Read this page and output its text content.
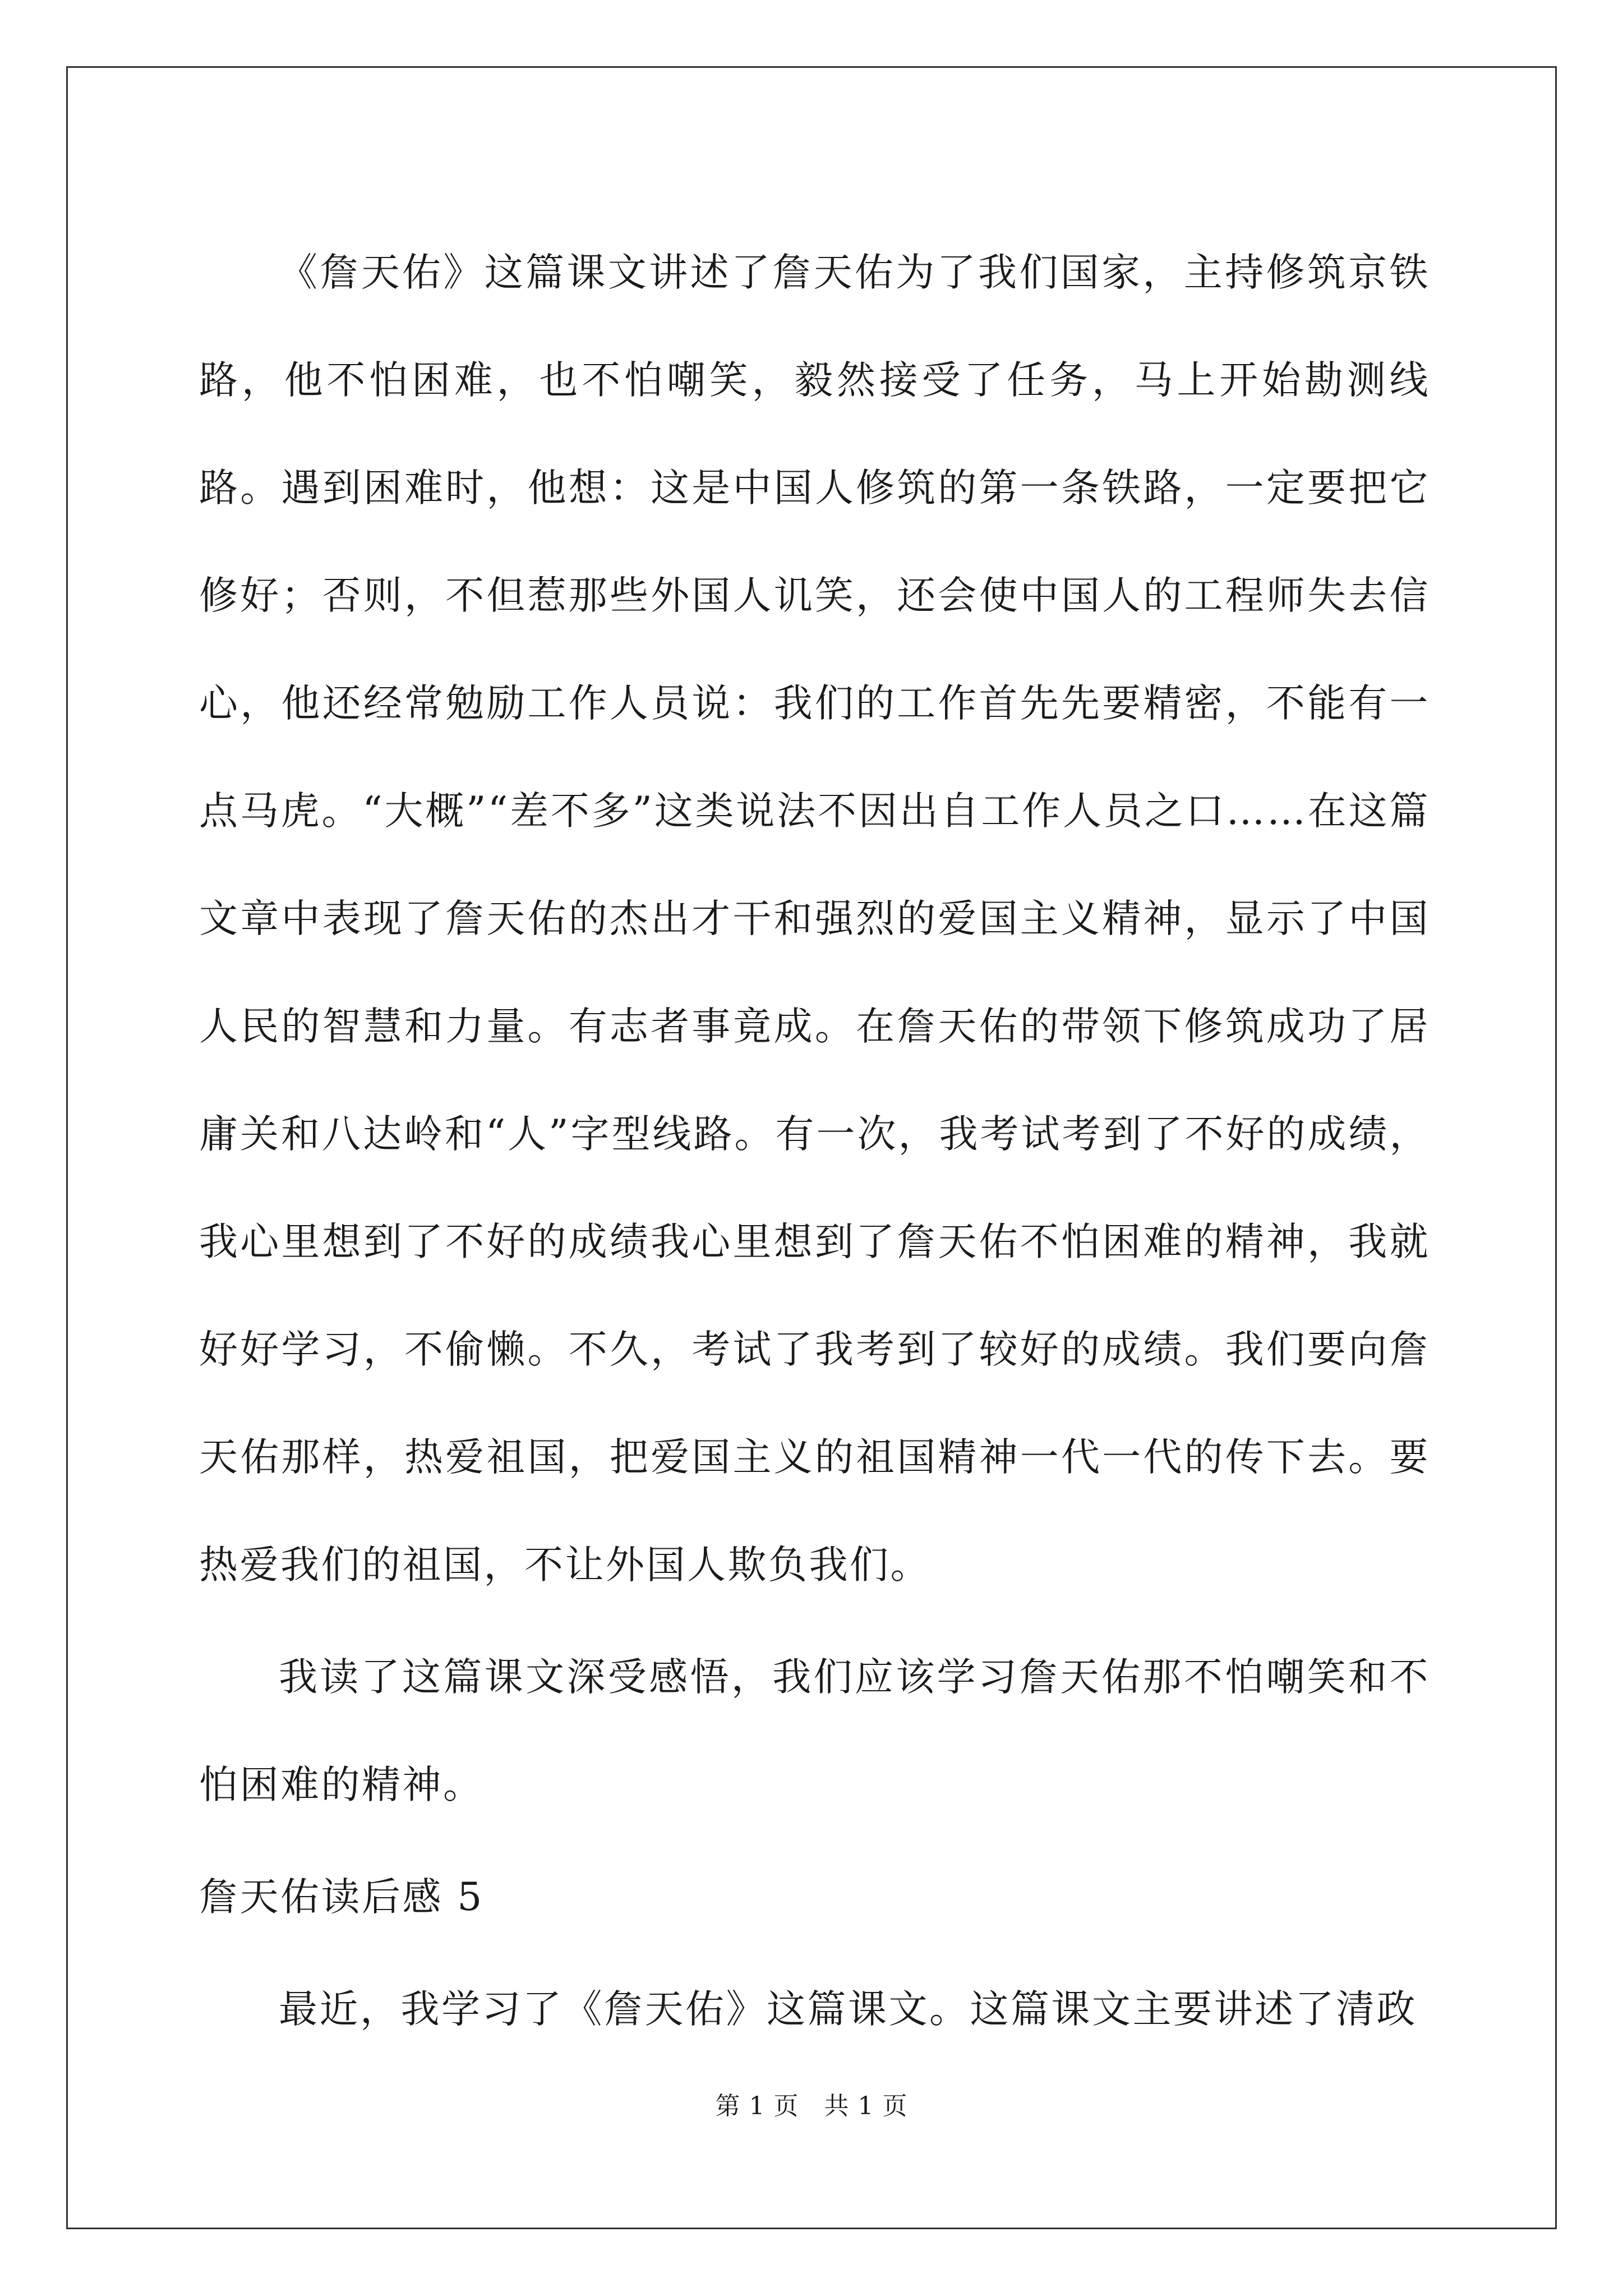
《詹天佑》这篇课文讲述了詹天佑为了我们国家，主持修筑京铁路，他不怕困难，也不怕嘲笑，毅然接受了任务，马上开始勘测线路。遇到困难时，他想：这是中国人修筑的第一条铁路，一定要把它修好；否则，不但惹那些外国人讥笑，还会使中国人的工程师失去信心，他还经常勉励工作人员说：我们的工作首先先要精密，不能有一点马虎。“大概”“差不多”这类说法不因出自工作人员之口……在这篇文章中表现了詹天佑的杰出才干和强烈的爱国主义精神，显示了中国人民的智慧和力量。有志者事竟成。在詹天佑的带领下修筑成功了居庸关和八达岭和“人”字型线路。有一次，我考试考到了不好的成绩，我心里想到了不好的成绩我心里想到了詹天佑不怕困难的精神，我就好好学习，不偷懒。不久，考试了我考到了较好的成绩。我们要向詹天佑那样，热爱祖国，把爱国主义的祖国精神一代一代的传下去。要热爱我们的祖国，不让外国人欺负我们。

我读了这篇课文深受感悟，我们应该学习詹天佑那不怕嘲笑和不怕困难的精神。

詹天佑读后感 5

最近，我学习了《詹天佑》这篇课文。这篇课文主要讲述了清政

第 1 页 共 1 页
